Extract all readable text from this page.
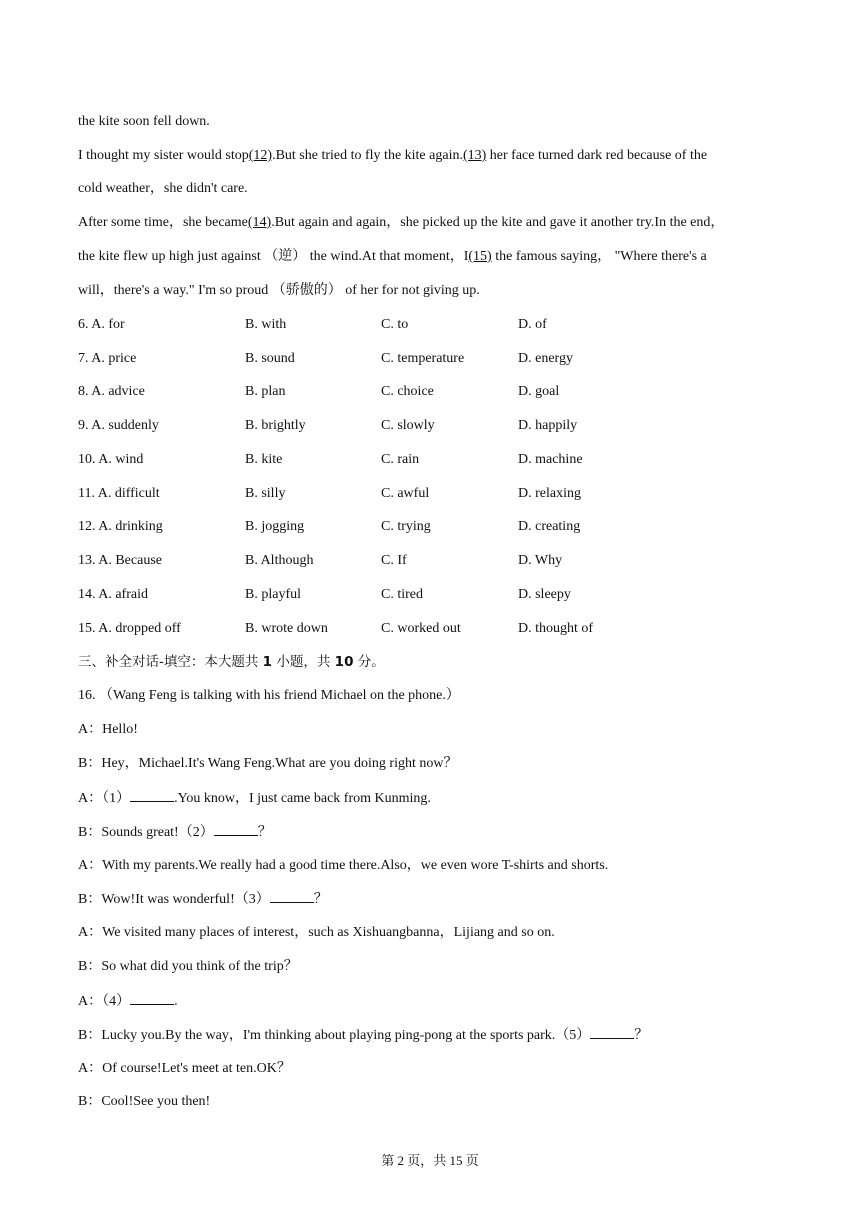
the kite soon fell down.
I thought my sister would stop(12).But she tried to fly the kite again.(13) her face turned dark red because of the
cold weather，she didn't care.
After some time，she became(14).But again and again，she picked up the kite and gave it another try.In the end，
the kite flew up high just against （逆） the wind.At that moment，I(15) the famous saying， "Where there's a
will，there's a way." I'm so proud （骄傲的） of her for not giving up.
6. A. for	B. with	C. to	D. of
7. A. price	B. sound	C. temperature	D. energy
8. A. advice	B. plan	C. choice	D. goal
9. A. suddenly	B. brightly	C. slowly	D. happily
10. A. wind	B. kite	C. rain	D. machine
11. A. difficult	B. silly	C. awful	D. relaxing
12. A. drinking	B. jogging	C. trying	D. creating
13. A. Because	B. Although	C. If	D. Why
14. A. afraid	B. playful	C. tired	D. sleepy
15. A. dropped off	B. wrote down	C. worked out	D. thought of
三、补全对话-填空：本大题共 1 小题，共 10 分。
16. （Wang Feng is talking with his friend Michael on the phone.）
A：Hello!
B：Hey，Michael.It's Wang Feng.What are you doing right now？
A：（1）	.You know，I just came back from Kunming.
B：Sounds great!（2）	？
A：With my parents.We really had a good time there.Also，we even wore T-shirts and shorts.
B：Wow!It was wonderful!（3）	？
A：We visited many places of interest，such as Xishuangbanna，Lijiang and so on.
B：So what did you think of the trip？
A：（4）	.
B：Lucky you.By the way，I'm thinking about playing ping-pong at the sports park.（5）	？
A：Of course!Let's meet at ten.OK？
B：Cool!See you then!
第 2 页，共 15 页
